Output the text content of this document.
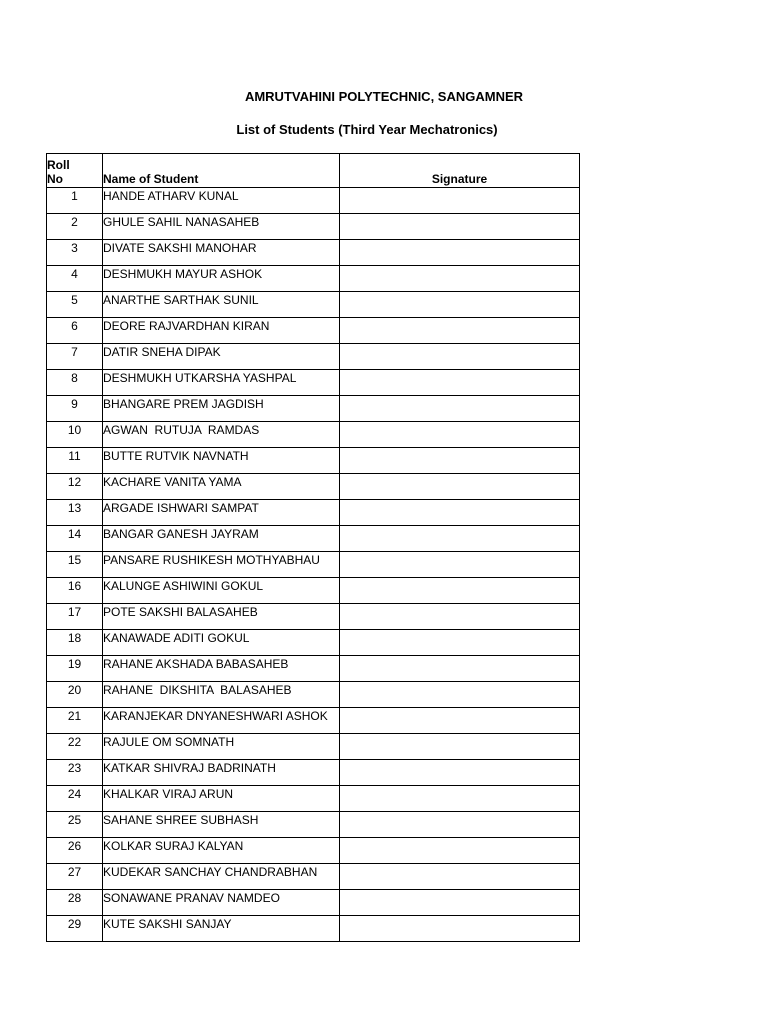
AMRUTVAHINI POLYTECHNIC, SANGAMNER
List of Students (Third Year Mechatronics)
Roll
No	Name of Student	Signature
1	HANDE ATHARV KUNAL	
2	GHULE SAHIL NANASAHEB	
3	DIVATE SAKSHI MANOHAR	
4	DESHMUKH MAYUR ASHOK	
5	ANARTHE SARTHAK SUNIL	
6	DEORE RAJVARDHAN KIRAN	
7	DATIR SNEHA DIPAK	
8	DESHMUKH UTKARSHA YASHPAL	
9	BHANGARE PREM JAGDISH	
10	AGWAN  RUTUJA  RAMDAS	
11	BUTTE RUTVIK NAVNATH	
12	KACHARE VANITA YAMA	
13	ARGADE ISHWARI SAMPAT	
14	BANGAR GANESH JAYRAM	
15	PANSARE RUSHIKESH MOTHYABHAU	
16	KALUNGE ASHIWINI GOKUL	
17	POTE SAKSHI BALASAHEB	
18	KANAWADE ADITI GOKUL	
19	RAHANE AKSHADA BABASAHEB	
20	RAHANE  DIKSHITA  BALASAHEB	
21	KARANJEKAR DNYANESHWARI ASHOK	
22	RAJULE OM SOMNATH	
23	KATKAR SHIVRAJ BADRINATH	
24	KHALKAR VIRAJ ARUN	
25	SAHANE SHREE SUBHASH	
26	KOLKAR SURAJ KALYAN	
27	KUDEKAR SANCHAY CHANDRABHAN	
28	SONAWANE PRANAV NAMDEO	
29	KUTE SAKSHI SANJAY	
